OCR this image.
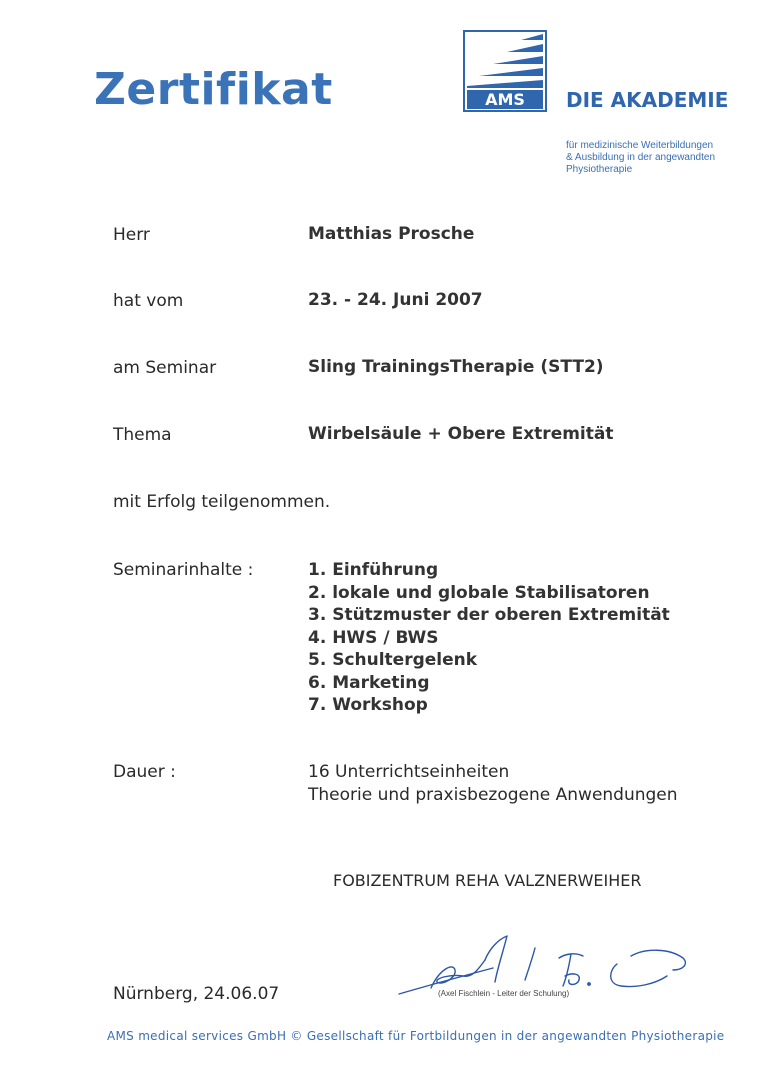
Zertifikat	AMS DIE AKADEMIE
für medizinische Weiterbildungen
& Ausbildung in der angewandten
Physiotherapie
Herr	Matthias Prosche
hat vom	23. - 24. Juni 2007
am Seminar	Sling TrainingsTherapie (STT2)
Thema	Wirbelsäule + Obere Extremität
mit Erfolg teilgenommen.
Seminarinhalte :	1. Einführung
2. lokale und globale Stabilisatoren
3. Stützmuster der oberen Extremität
4. HWS / BWS
5. Schultergelenk
6. Marketing
7. Workshop
Dauer :	16 Unterrichtseinheiten
Theorie und praxisbezogene Anwendungen
FOBIZENTRUM REHA VALZNERWEIHER
Nürnberg, 24.06.07	(Axel Fischlein - Leiter der Schulung)
AMS medical services GmbH © Gesellschaft für Fortbildungen in der angewandten Physiotherapie
